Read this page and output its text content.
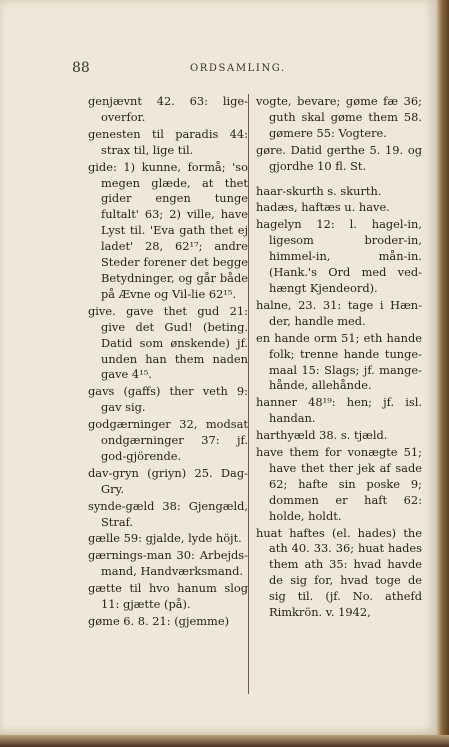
88	ORDSAMLING.
genjævnt 42. 63: lige-overfor.
genesten til paradis 44: strax til, lige til.
gide: 1) kunne, formå; 'so megen glæde, at thet gider engen tunge fultalt' 63; 2) ville, have Lyst til. 'Eva gath thet ej ladet' 28, 62¹⁷; andre Steder forener det begge Betydninger, og går både på Ævne og Vil-lie 62¹⁵.
give. gave thet gud 21: give det Gud! (beting. Datid som ønskende) jf. unden han them naden gave 4¹⁵.
gavs (gaffs) ther veth 9: gav sig.
godgærninger 32, modsat ondgærninger 37: jf. god-gjörende.
dav-gryn (griyn) 25. Dag-Gry.
synde-gæld 38: Gjengæld, Straf.
gælle 59: gjalde, lyde höjt.
gærnings-man 30: Arbejds-mand, Handværksmand.
gætte til hvo hanum slog 11: gjætte (på).
gøme 6. 8. 21: (gjemme)
vogte, bevare; gøme fæ 36; guth skal gøme them 58. gømere 55: Vogtere.
gøre. Datid gerthe 5. 19. og gjordhe 10 fl. St.
haar-skurth s. skurth.
hadæs, haftæs u. have.
hagelyn 12: l. hagel-in, ligesom broder-in, himmel-in, mån-in. (Hank.'s Ord med ved-hængt Kjendeord).
halne, 23. 31: tage i Hæn-der, handle med.
en hande orm 51; eth hande folk; trenne hande tunge-maal 15: Slags; jf. mange-hånde, allehånde.
hanner 48¹⁹: hen; jf. isl. handan.
harthyæld 38. s. tjæld.
have them for vonægte 51; have thet ther jek af sade 62; hafte sin poske 9; dommen er haft 62: holde, holdt.
huat haftes (el. hades) the ath 40. 33. 36; huat hades them ath 35: hvad havde de sig for, hvad toge de sig til. (jf. No. athefd Rimkrön. v. 1942,
